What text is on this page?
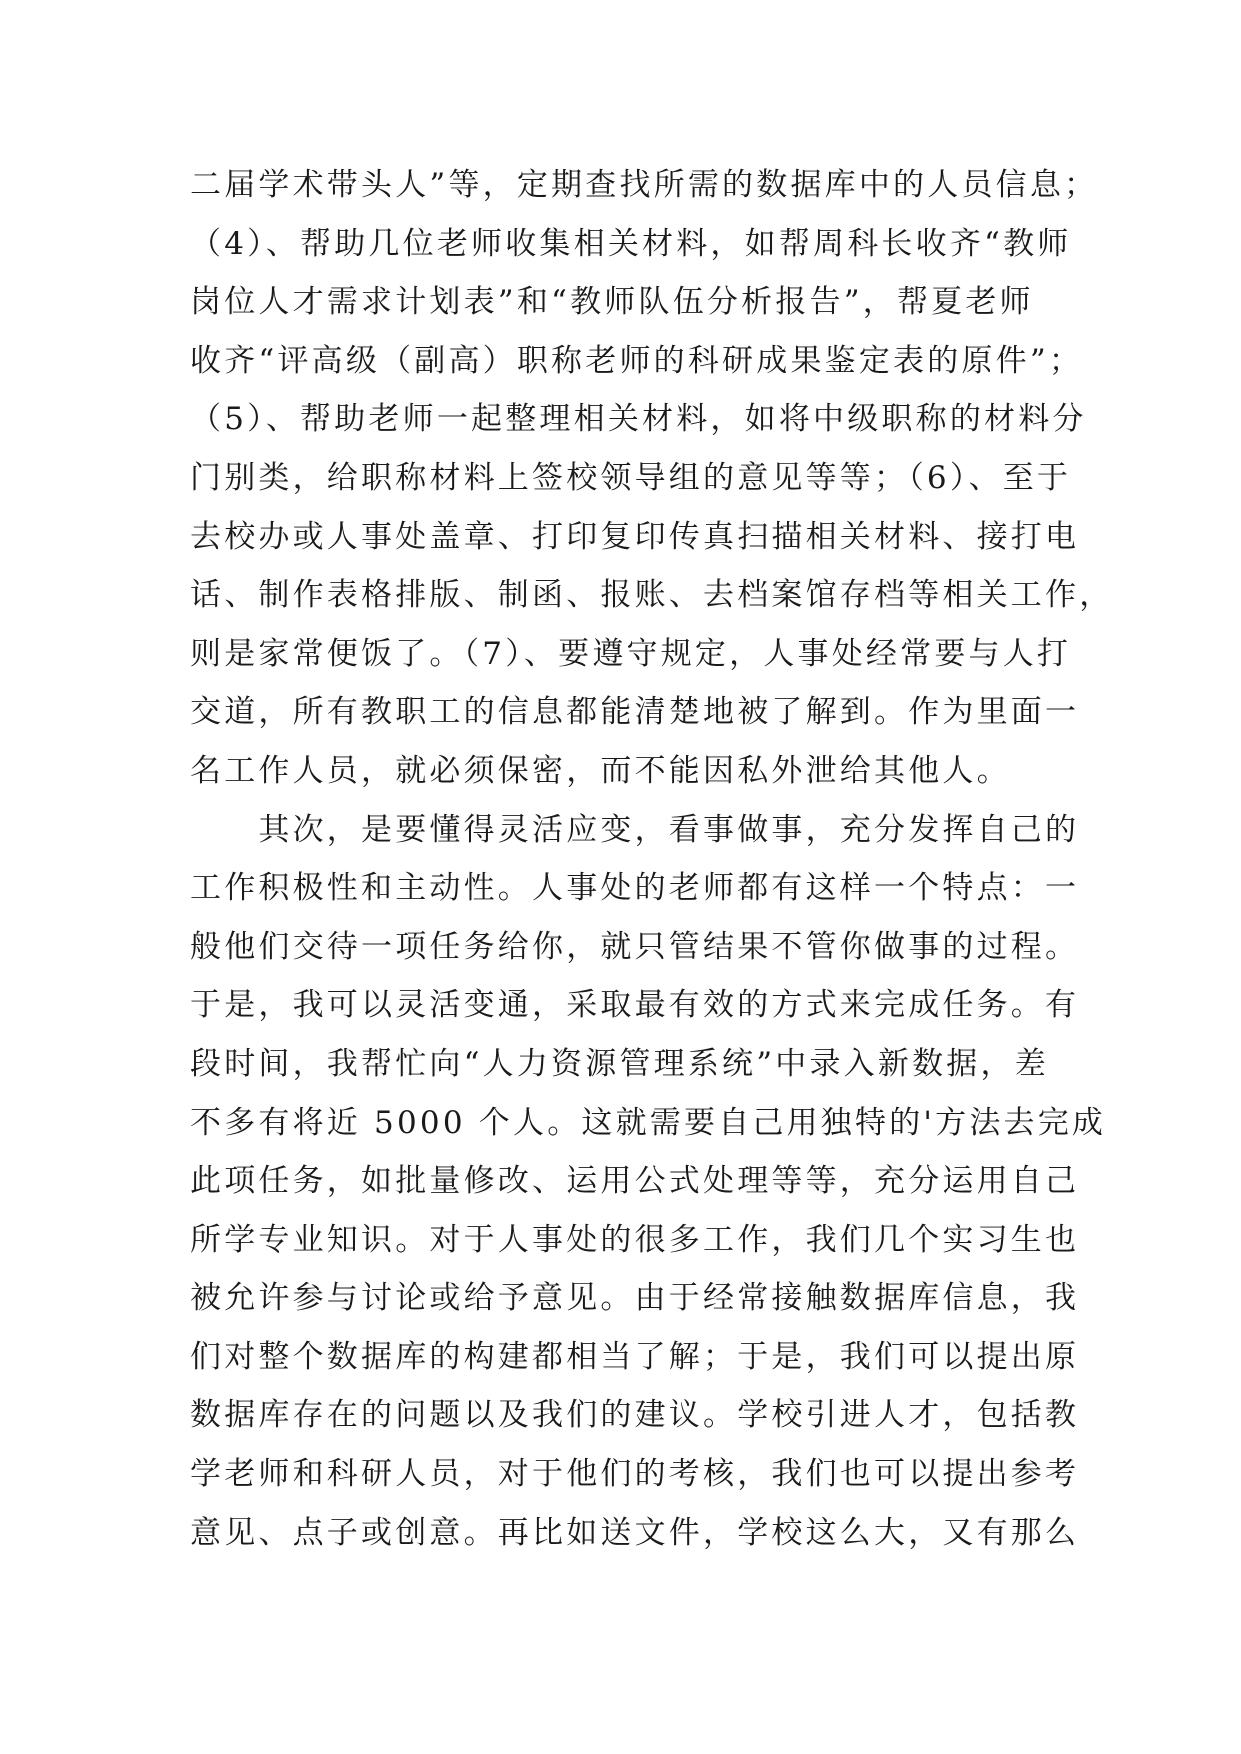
二届学术带头人”等，定期查找所需的数据库中的人员信息；
（4）、帮助几位老师收集相关材料，如帮周科长收齐“教师
岗位人才需求计划表”和“教师队伍分析报告”，帮夏老师
收齐“评高级（副高）职称老师的科研成果鉴定表的原件”；
（5）、帮助老师一起整理相关材料，如将中级职称的材料分
门别类，给职称材料上签校领导组的意见等等；（6）、至于
去校办或人事处盖章、打印复印传真扫描相关材料、接打电
话、制作表格排版、制函、报账、去档案馆存档等相关工作，
则是家常便饭了。（7）、要遵守规定，人事处经常要与人打
交道，所有教职工的信息都能清楚地被了解到。作为里面一
名工作人员，就必须保密，而不能因私外泄给其他人。
　　其次，是要懂得灵活应变，看事做事，充分发挥自己的
工作积极性和主动性。人事处的老师都有这样一个特点：一
般他们交待一项任务给你，就只管结果不管你做事的过程。
于是，我可以灵活变通，采取最有效的方式来完成任务。有
段时间，我帮忙向“人力资源管理系统”中录入新数据，差
不多有将近 5000 个人。这就需要自己用独特的'方法去完成
此项任务，如批量修改、运用公式处理等等，充分运用自己
所学专业知识。对于人事处的很多工作，我们几个实习生也
被允许参与讨论或给予意见。由于经常接触数据库信息，我
们对整个数据库的构建都相当了解；于是，我们可以提出原
数据库存在的问题以及我们的建议。学校引进人才，包括教
学老师和科研人员，对于他们的考核，我们也可以提出参考
意见、点子或创意。再比如送文件，学校这么大，又有那么
